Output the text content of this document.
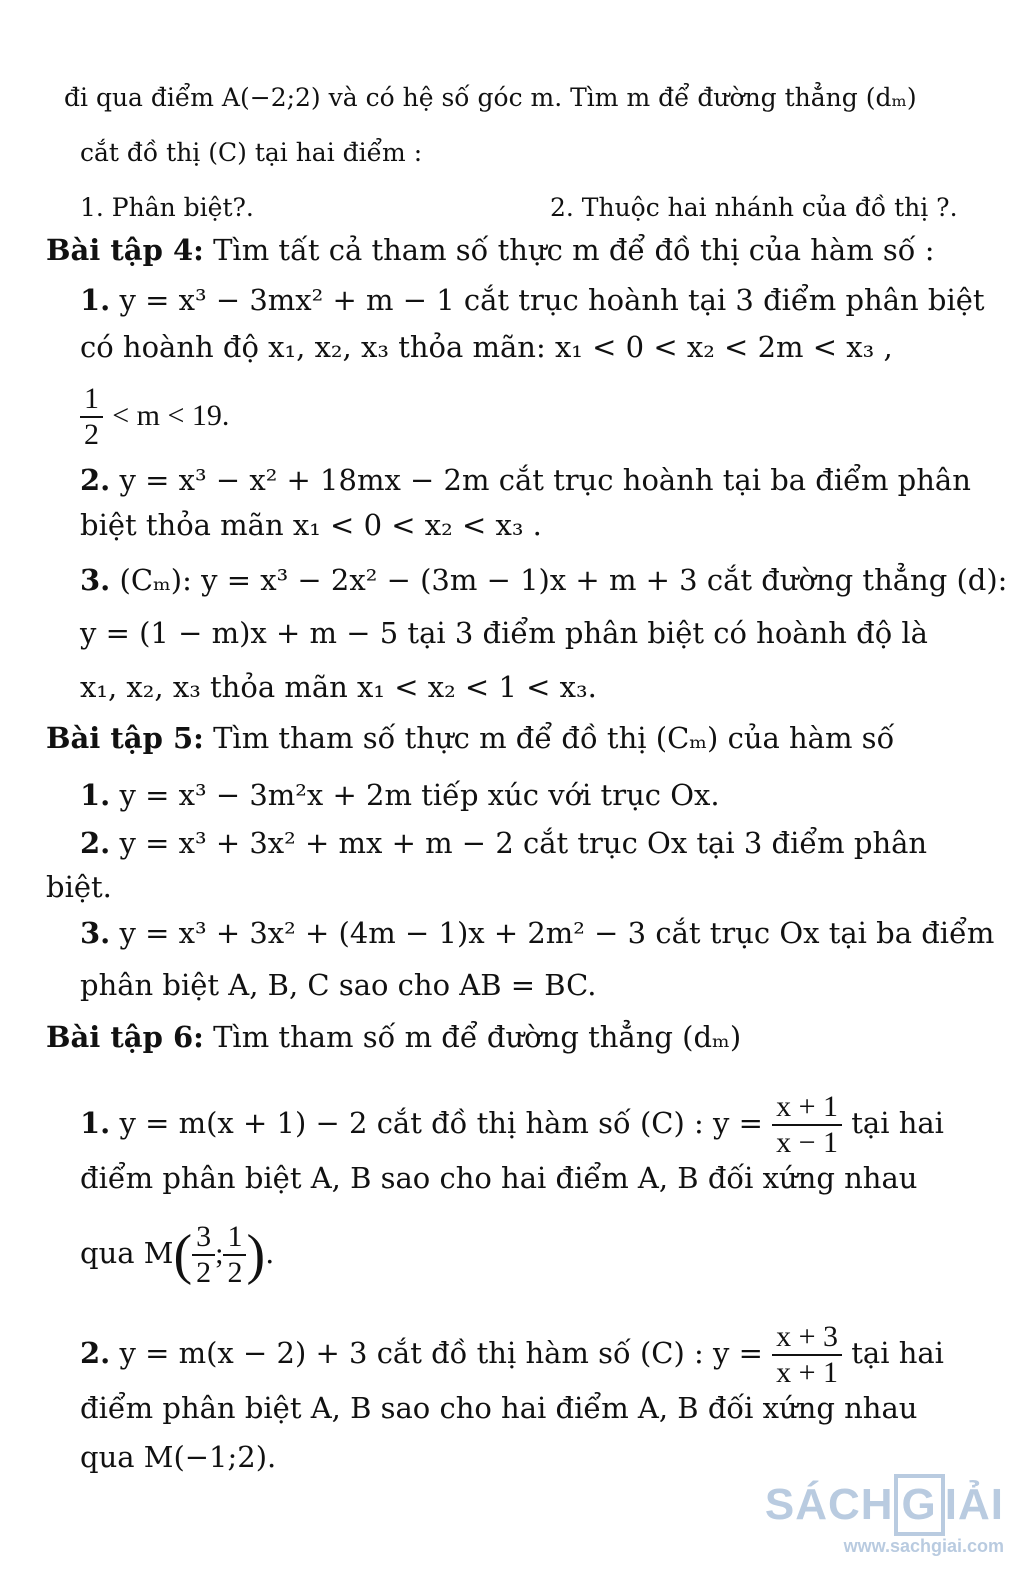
đi qua điểm A(−2;2) và có hệ số góc m. Tìm m để đường thẳng (dₘ)
cắt đồ thị (C) tại hai điểm :
1. Phân biệt?.	2. Thuộc hai nhánh của đồ thị ?.
Bài tập 4: Tìm tất cả tham số thực m để đồ thị của hàm số :
1. y = x³ − 3mx² + m − 1 cắt trục hoành tại 3 điểm phân biệt
có hoành độ x₁, x₂, x₃ thỏa mãn: x₁ < 0 < x₂ < 2m < x₃ ,
$\frac{1}{2} < m < 19$.
2. y = x³ − x² + 18mx − 2m cắt trục hoành tại ba điểm phân
biệt thỏa mãn x₁ < 0 < x₂ < x₃ .
3. (Cₘ): y = x³ − 2x² − (3m − 1)x + m + 3 cắt đường thẳng (d):
y = (1 − m)x + m − 5 tại 3 điểm phân biệt có hoành độ là
x₁, x₂, x₃ thỏa mãn x₁ < x₂ < 1 < x₃.
Bài tập 5: Tìm tham số thực m để đồ thị (Cₘ) của hàm số
1. y = x³ − 3m²x + 2m tiếp xúc với trục Ox.
2. y = x³ + 3x² + mx + m − 2 cắt trục Ox tại 3 điểm phân
biệt.
3. y = x³ + 3x² + (4m − 1)x + 2m² − 3 cắt trục Ox tại ba điểm
phân biệt A, B, C sao cho AB = BC.
Bài tập 6: Tìm tham số m để đường thẳng (dₘ)
1. y = m(x + 1) − 2 cắt đồ thị hàm số (C) : $y = \frac{x + 1}{x - 1}$ tại hai
điểm phân biệt A, B sao cho hai điểm A, B đối xứng nhau
qua $M( \frac{3}{2}$ ; $\frac{1}{2}$ ).
2. y = m(x − 2) + 3 cắt đồ thị hàm số (C) : $y = \frac{x + 3}{x + 1}$ tại hai
điểm phân biệt A, B sao cho hai điểm A, B đối xứng nhau
qua M(−1;2).
SÁCH G IẢI
www.sachgiai.com
